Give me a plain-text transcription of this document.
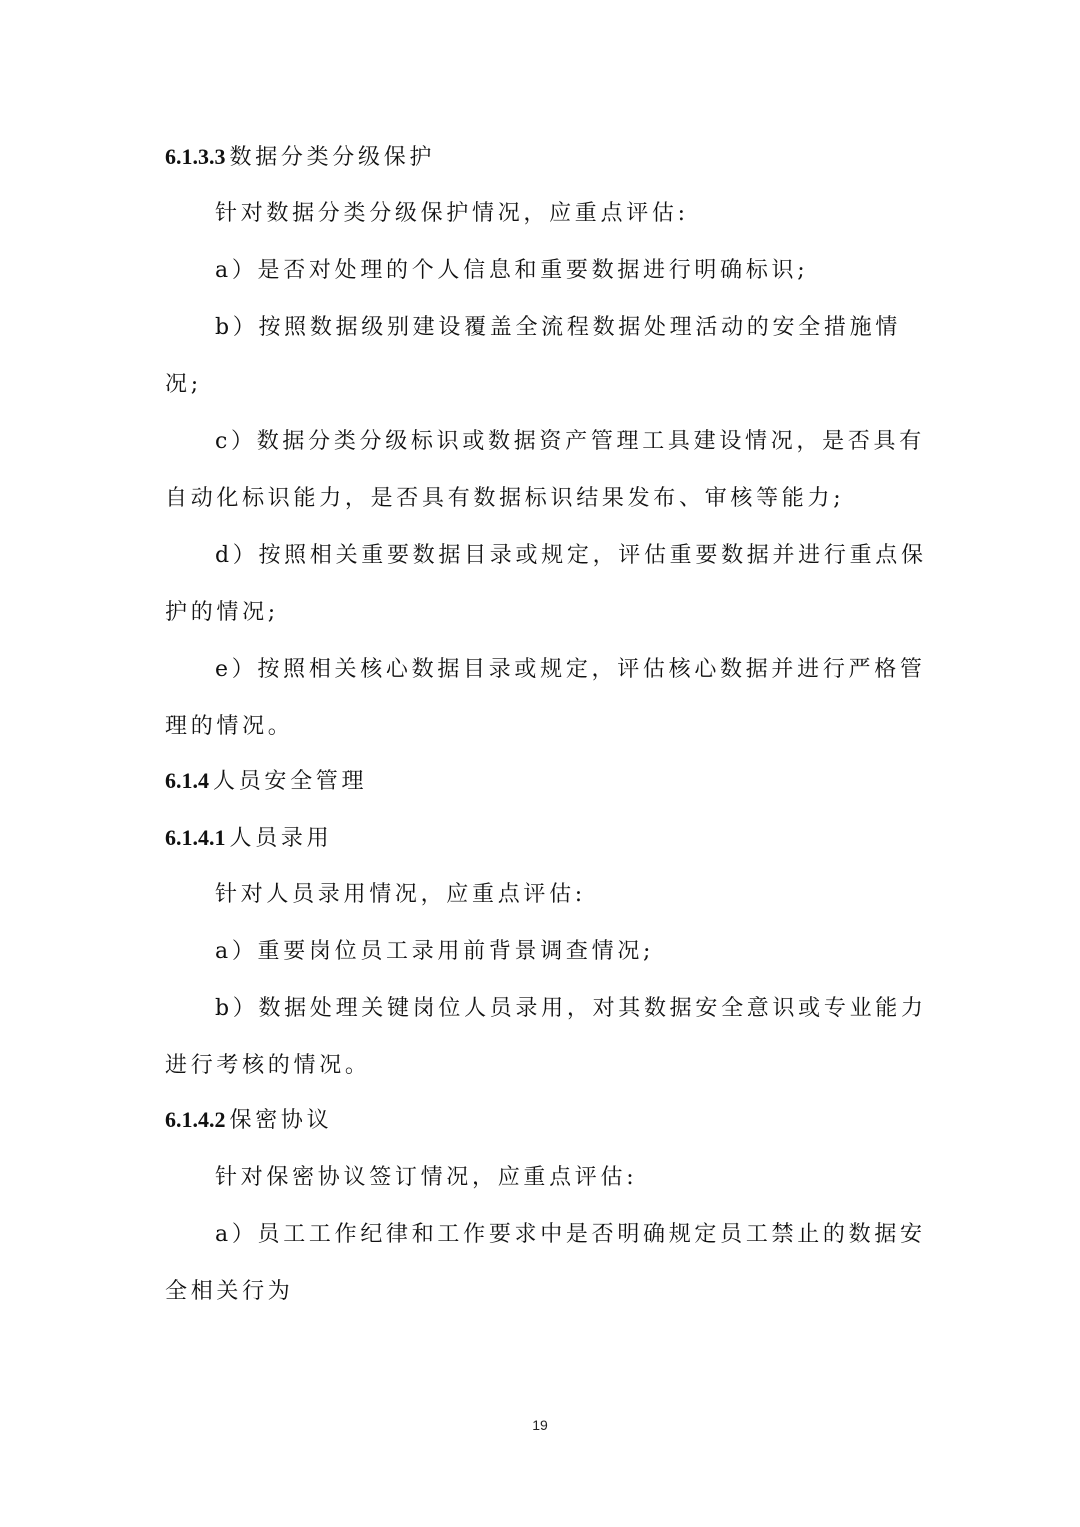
6.1.3.3 数据分类分级保护
针对数据分类分级保护情况，应重点评估:
a）是否对处理的个人信息和重要数据进行明确标识;
b）按照数据级别建设覆盖全流程数据处理活动的安全措施情
况;
c）数据分类分级标识或数据资产管理工具建设情况，是否具有
自动化标识能力，是否具有数据标识结果发布、审核等能力;
d）按照相关重要数据目录或规定，评估重要数据并进行重点保
护的情况;
e）按照相关核心数据目录或规定，评估核心数据并进行严格管
理的情况。
6.1.4 人员安全管理
6.1.4.1 人员录用
针对人员录用情况，应重点评估:
a）重要岗位员工录用前背景调查情况;
b）数据处理关键岗位人员录用，对其数据安全意识或专业能力
进行考核的情况。
6.1.4.2 保密协议
针对保密协议签订情况，应重点评估:
a）员工工作纪律和工作要求中是否明确规定员工禁止的数据安
全相关行为
19
